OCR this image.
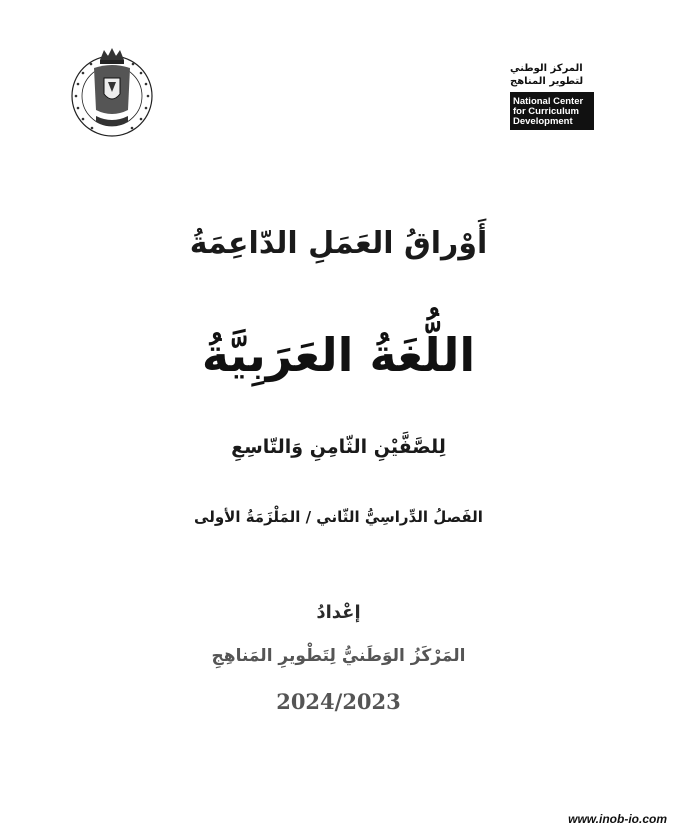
المركز الوطني
لتطوير المناهج
National Center
for Curriculum
Development
أَوْراقُ العَمَلِ الدّاعِمَةُ
اللُّغَةُ العَرَبِيَّةُ
لِلصَّفَّيْنِ الثّامِنِ وَالتّاسِعِ
الفَصلُ الدِّراسِيُّ الثّاني / المَلْزَمَةُ الأولى
إعْدادُ
المَرْكَزُ الوَطَنيُّ لِتَطْويرِ المَناهِجِ
2024/2023
www.inob-io.com
